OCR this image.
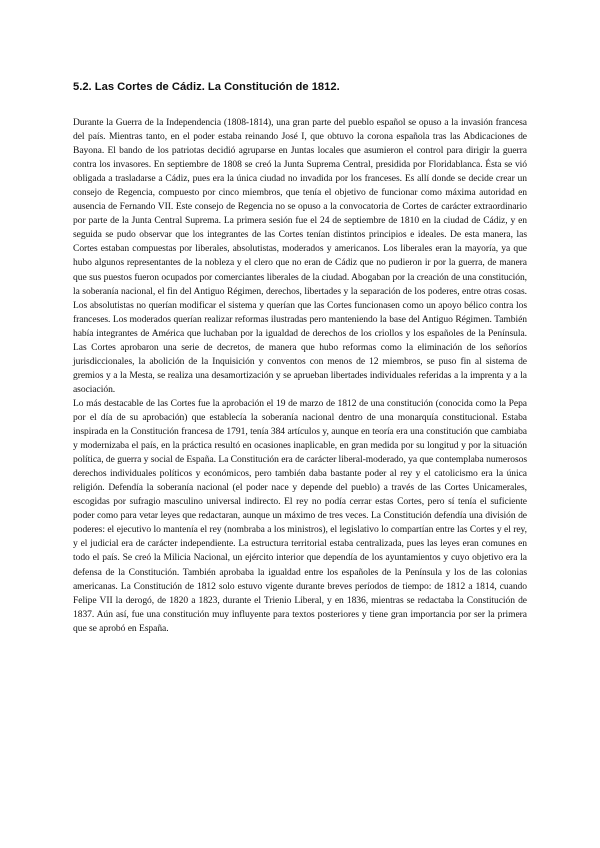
5.2. Las Cortes de Cádiz. La Constitución de 1812.

Durante la Guerra de la Independencia (1808-1814), una gran parte del pueblo español se opuso a la invasión francesa del país. Mientras tanto, en el poder estaba reinando José I, que obtuvo la corona española tras las Abdicaciones de Bayona. El bando de los patriotas decidió agruparse en Juntas locales que asumieron el control para dirigir la guerra contra los invasores. En septiembre de 1808 se creó la Junta Suprema Central, presidida por Floridablanca. Ésta se vió obligada a trasladarse a Cádiz, pues era la única ciudad no invadida por los franceses. Es allí donde se decide crear un consejo de Regencia, compuesto por cinco miembros, que tenía el objetivo de funcionar como máxima autoridad en ausencia de Fernando VII. Este consejo de Regencia no se opuso a la convocatoria de Cortes de carácter extraordinario por parte de la Junta Central Suprema. La primera sesión fue el 24 de septiembre de 1810 en la ciudad de Cádiz, y en seguida se pudo observar que los integrantes de las Cortes tenían distintos principios e ideales. De esta manera, las Cortes estaban compuestas por liberales, absolutistas, moderados y americanos. Los liberales eran la mayoría, ya que hubo algunos representantes de la nobleza y el clero que no eran de Cádiz que no pudieron ir por la guerra, de manera que sus puestos fueron ocupados por comerciantes liberales de la ciudad. Abogaban por la creación de una constitución, la soberanía nacional, el fin del Antiguo Régimen, derechos, libertades y la separación de los poderes, entre otras cosas. Los absolutistas no querían modificar el sistema y querían que las Cortes funcionasen como un apoyo bélico contra los franceses. Los moderados querían realizar reformas ilustradas pero manteniendo la base del Antiguo Régimen. También había integrantes de América que luchaban por la igualdad de derechos de los criollos y los españoles de la Península. Las Cortes aprobaron una serie de decretos, de manera que hubo reformas como la eliminación de los señoríos jurisdiccionales, la abolición de la Inquisición y conventos con menos de 12 miembros, se puso fin al sistema de gremios y a la Mesta, se realiza una desamortización y se aprueban libertades individuales referidas a la imprenta y a la asociación.

Lo más destacable de las Cortes fue la aprobación el 19 de marzo de 1812 de una constitución (conocida como la Pepa por el día de su aprobación) que establecía la soberanía nacional dentro de una monarquía constitucional. Estaba inspirada en la Constitución francesa de 1791, tenía 384 artículos y, aunque en teoría era una constitución que cambiaba y modernizaba el país, en la práctica resultó en ocasiones inaplicable, en gran medida por su longitud y por la situación política, de guerra y social de España. La Constitución era de carácter liberal-moderado, ya que contemplaba numerosos derechos individuales políticos y económicos, pero también daba bastante poder al rey y el catolicismo era la única religión. Defendía la soberanía nacional (el poder nace y depende del pueblo) a través de las Cortes Unicamerales, escogidas por sufragio masculino universal indirecto. El rey no podía cerrar estas Cortes, pero sí tenía el suficiente poder como para vetar leyes que redactaran, aunque un máximo de tres veces. La Constitución defendía una división de poderes: el ejecutivo lo mantenía el rey (nombraba a los ministros), el legislativo lo compartían entre las Cortes y el rey, y el judicial era de carácter independiente. La estructura territorial estaba centralizada, pues las leyes eran comunes en todo el país. Se creó la Milicia Nacional, un ejército interior que dependía de los ayuntamientos y cuyo objetivo era la defensa de la Constitución. También aprobaba la igualdad entre los españoles de la Península y los de las colonias americanas. La Constitución de 1812 solo estuvo vigente durante breves períodos de tiempo: de 1812 a 1814, cuando Felipe VII la derogó, de 1820 a 1823, durante el Trienio Liberal, y en 1836, mientras se redactaba la Constitución de 1837. Aún así, fue una constitución muy influyente para textos posteriores y tiene gran importancia por ser la primera que se aprobó en España.
